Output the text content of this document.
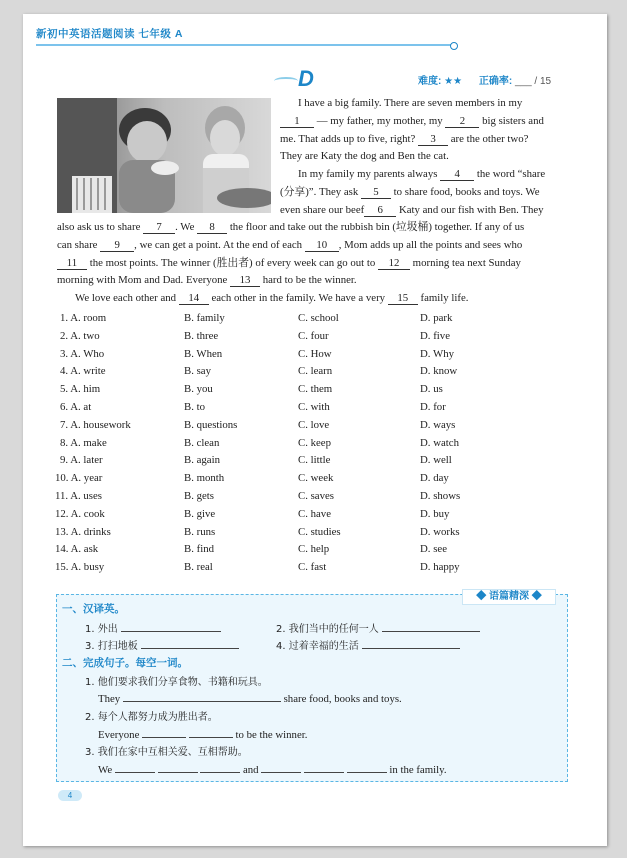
新初中英语活题阅读 七年级 A
D	难度: ★★ 正确率: ___ / 15
I have a big family. There are seven members in my
1 — my father, my mother, my 2 big sisters and
me. That adds up to five, right? 3 are the other two?
They are Katy the dog and Ben the cat.
In my family my parents always 4 the word “share
(分享)”. They ask 5 to share food, books and toys. We
even share our beef 6 Katy and our fish with Ben. They
also ask us to share 7 . We 8 the floor and take out the rubbish bin (垃圾桶) together. If any of us
can share 9 , we can get a point. At the end of each 10 , Mom adds up all the points and sees who
11 the most points. The winner (胜出者) of every week can go out to 12 morning tea next Sunday
morning with Mom and Dad. Everyone 13 hard to be the winner.
We love each other and 14 each other in the family. We have a very 15 family life.
1. A. room	B. family	C. school	D. park
2. A. two	B. three	C. four	D. five
3. A. Who	B. When	C. How	D. Why
4. A. write	B. say	C. learn	D. know
5. A. him	B. you	C. them	D. us
6. A. at	B. to	C. with	D. for
7. A. housework	B. questions	C. love	D. ways
8. A. make	B. clean	C. keep	D. watch
9. A. later	B. again	C. little	D. well
10. A. year	B. month	C. week	D. day
11. A. uses	B. gets	C. saves	D. shows
12. A. cook	B. give	C. have	D. buy
13. A. drinks	B. runs	C. studies	D. works
14. A. ask	B. find	C. help	D. see
15. A. busy	B. real	C. fast	D. happy
◆ 语篇精深 ◆
一、汉译英。
1. 外出	2. 我们当中的任何一人
3. 打扫地板	4. 过着幸福的生活
二、完成句子。每空一词。
1. 他们要求我们分享食物、书籍和玩具。
They	share food, books and toys.
2. 每个人都努力成为胜出者。
Everyone	to be the winner.
3. 我们在家中互相关爱、互相帮助。
We	and	in the family.
4
